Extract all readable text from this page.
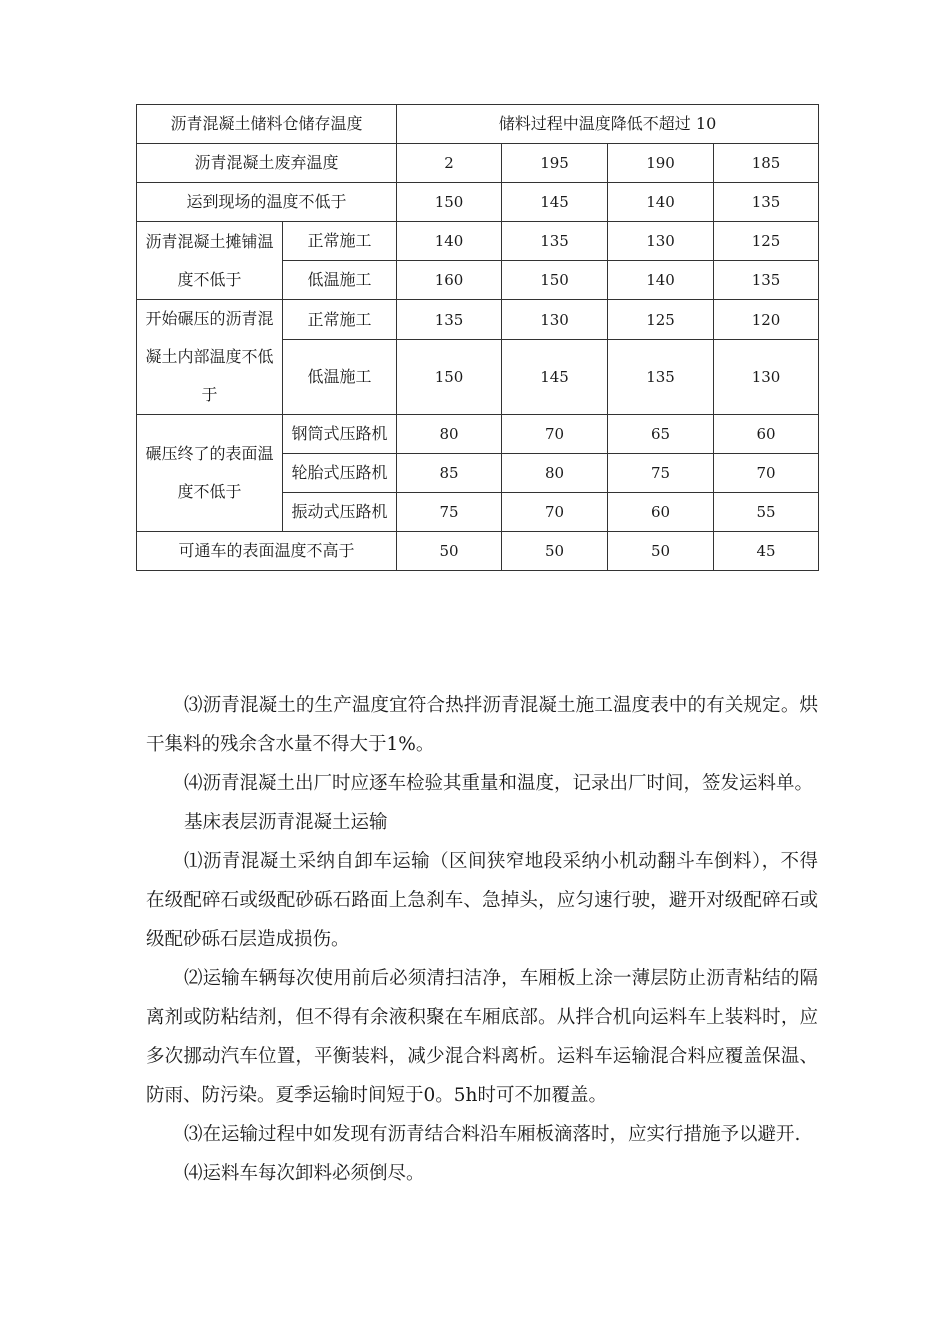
沥青混凝土储料仓储存温度		储料过程中温度降低不超过 10			
沥青混凝土废弃温度		2	195	190	185
运到现场的温度不低于		150	145	140	135
沥青混凝土摊铺温度不低于	正常施工	140	135	130	125
	低温施工	160	150	140	135
开始碾压的沥青混凝土内部温度不低于	正常施工	135	130	125	120
	低温施工	150	145	135	130
碾压终了的表面温度不低于	钢筒式压路机	80	70	65	60
	轮胎式压路机	85	80	75	70
	振动式压路机	75	70	60	55
可通车的表面温度不高于		50	50	50	45

⑶沥青混凝土的生产温度宜符合热拌沥青混凝土施工温度表中的有关规定。烘干集料的残余含水量不得大于1%。

⑷沥青混凝土出厂时应逐车检验其重量和温度，记录出厂时间，签发运料单。

基床表层沥青混凝土运输

⑴沥青混凝土采纳自卸车运输（区间狭窄地段采纳小机动翻斗车倒料），不得在级配碎石或级配砂砾石路面上急刹车、急掉头，应匀速行驶，避开对级配碎石或级配砂砾石层造成损伤。

⑵运输车辆每次使用前后必须清扫洁净，车厢板上涂一薄层防止沥青粘结的隔离剂或防粘结剂，但不得有余液积聚在车厢底部。从拌合机向运料车上装料时，应多次挪动汽车位置，平衡装料，减少混合料离析。运料车运输混合料应覆盖保温、防雨、防污染。夏季运输时间短于0。5h时可不加覆盖。

⑶在运输过程中如发现有沥青结合料沿车厢板滴落时，应实行措施予以避开.

⑷运料车每次卸料必须倒尽。
